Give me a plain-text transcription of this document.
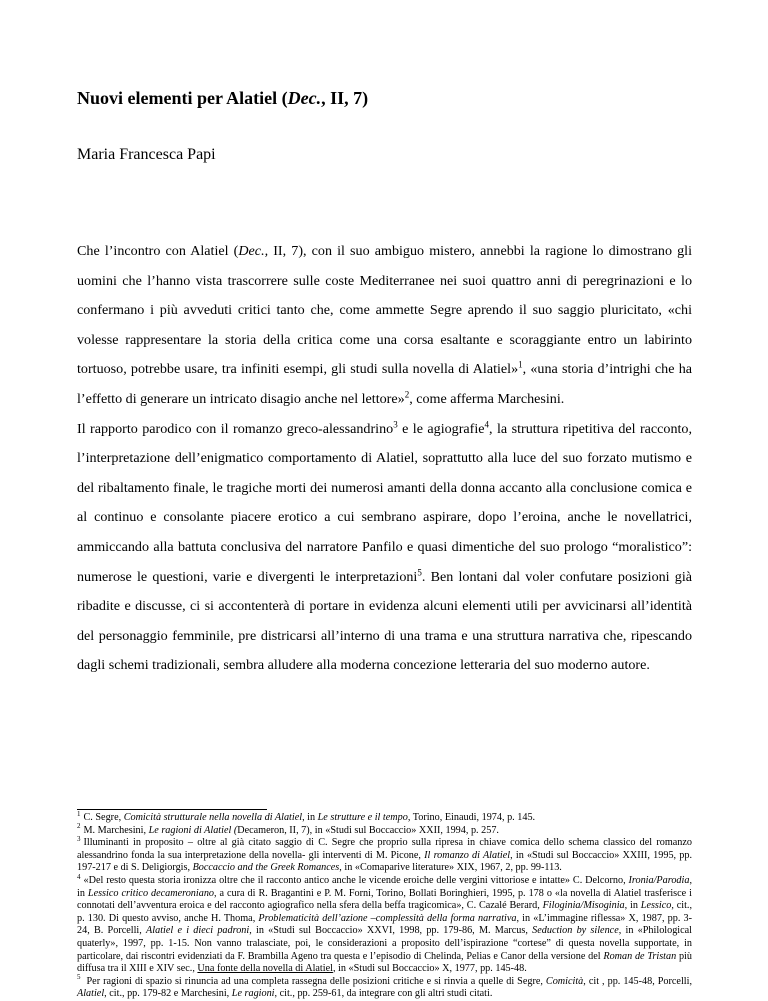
Nuovi elementi per Alatiel (Dec., II, 7)

Maria Francesca Papi

Che l’incontro con Alatiel (Dec., II, 7), con il suo ambiguo mistero, annebbi la ragione lo dimostrano gli uomini che l’hanno vista trascorrere sulle coste Mediterranee nei suoi quattro anni di peregrinazioni e lo confermano i più avveduti critici tanto che, come ammette Segre aprendo il suo saggio pluricitato, «chi volesse rappresentare la storia della critica come una corsa esaltante e scoraggiante entro un labirinto tortuoso, potrebbe usare, tra infiniti esempi, gli studi sulla novella di Alatiel»$^1$, «una storia d’intrighi che ha l’effetto di generare un intricato disagio anche nel lettore»$^2$, come afferma Marchesini.

Il rapporto parodico con il romanzo greco-alessandrino$^3$ e le agiografie$^4$, la struttura ripetitiva del racconto, l’interpretazione dell’enigmatico comportamento di Alatiel, soprattutto alla luce del suo forzato mutismo e del ribaltamento finale, le tragiche morti dei numerosi amanti della donna accanto alla conclusione comica e al continuo e consolante piacere erotico a cui sembrano aspirare, dopo l’eroina, anche le novellatrici, ammiccando alla battuta conclusiva del narratore Panfilo e quasi dimentiche del suo prologo “moralistico”: numerose le questioni, varie e divergenti le interpretazioni$^5$. Ben lontani dal voler confutare posizioni già ribadite e discusse, ci si accontenterà di portare in evidenza alcuni elementi utili per avvicinarsi all’identità del personaggio femminile, pre districarsi all’interno di una trama e una struttura narrativa che, ripescando dagli schemi tradizionali, sembra alludere alla moderna concezione letteraria del suo moderno autore.

$^1$ C. Segre, Comicità strutturale nella novella di Alatiel, in Le strutture e il tempo, Torino, Einaudi, 1974, p. 145.

$^2$ M. Marchesini, Le ragioni di Alatiel (Decameron, II, 7), in «Studi sul Boccaccio» XXII, 1994, p. 257.

$^3$ Illuminanti in proposito – oltre al già citato saggio di C. Segre che proprio sulla ripresa in chiave comica dello schema classico del romanzo alessandrino fonda la sua interpretazione della novella- gli interventi di M. Picone, Il romanzo di Alatiel, in «Studi sul Boccaccio» XXIII, 1995, pp. 197-217 e di S. Deligiorgis, Boccaccio and the Greek Romances, in «Comaparive literature» XIX, 1967, 2, pp. 99-113.

$^4$ «Del resto questa storia ironizza oltre che il racconto antico anche le vicende eroiche delle vergini vittoriose e intatte» C. Delcorno, Ironia/Parodia, in Lessico critico decameroniano, a cura di R. Bragantini e P. M. Forni, Torino, Bollati Boringhieri, 1995, p. 178 o «la novella di Alatiel trasferisce i connotati dell’avventura eroica e del racconto agiografico nella sfera della beffa tragicomica», C. Cazalé Berard, Filoginia/Misoginia, in Lessico, cit., p. 130. Di questo avviso, anche H. Thoma, Problematicità dell’azione –complessità della forma narrativa, in «L’immagine riflessa» X, 1987, pp. 3-24, B. Porcelli, Alatiel e i dieci padroni, in «Studi sul Boccaccio» XXVI, 1998, pp. 179-86, M. Marcus, Seduction by silence, in «Philological quaterly», 1997, pp. 1-15. Non vanno tralasciate, poi, le considerazioni a proposito dell’ispirazione “cortese” di questa novella supportate, in particolare, dai riscontri evidenziati da F. Brambilla Ageno tra questa e l’episodio di Chelinda, Pelias e Canor della versione del Roman de Tristan più diffusa tra il XIII e XIV sec., Una fonte della novella di Alatiel, in «Studi sul Boccaccio» X, 1977, pp. 145-48.

$^5$ Per ragioni di spazio si rinuncia ad una completa rassegna delle posizioni critiche e si rinvia a quelle di Segre, Comicità, cit , pp. 145-48, Porcelli, Alatiel, cit., pp. 179-82 e Marchesini, Le ragioni, cit., pp. 259-61, da integrare con gli altri studi citati.
